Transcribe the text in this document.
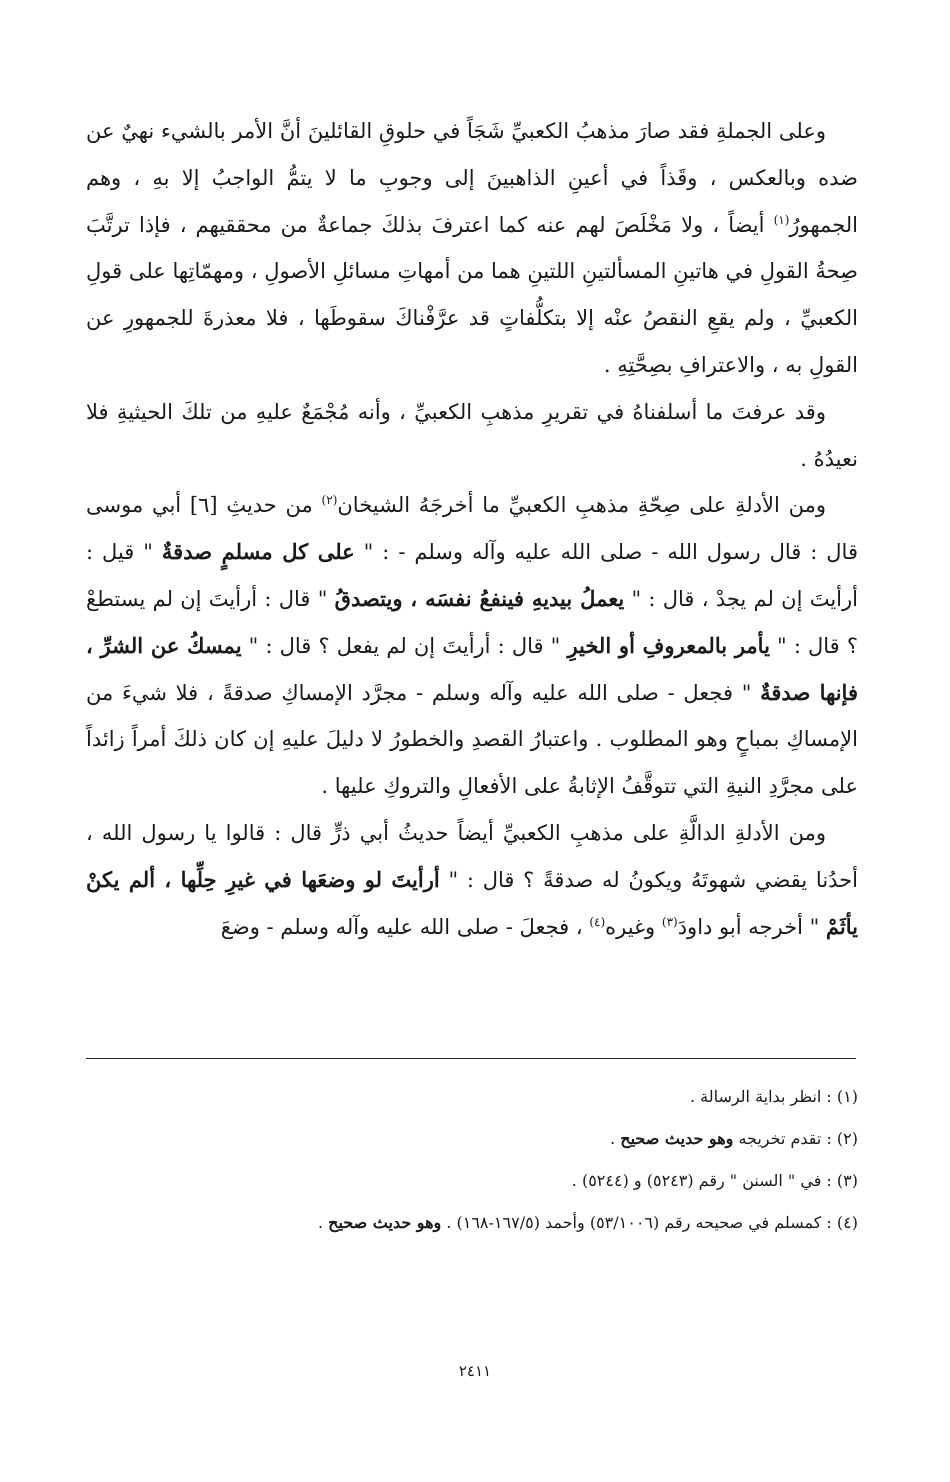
وعلى الجملةِ فقد صارَ مذهبُ الكعبيِّ شَجَاً في حلوقِ القائلينَ أنَّ الأمر بالشيء نهيٌ عن ضده وبالعكس ، وقَذاً في أعينِ الذاهبينَ إلى وجوبِ ما لا يتمُّ الواجبُ إلا بهِ ، وهم الجمهورُ$^{(١)}$ أيضاً ، ولا مَخْلَصَ لهم عنه كما اعترفَ بذلكَ جماعةٌ من محققيهم ، فإذا ترتَّبَ صِحةُ القولِ في هاتينِ المسألتينِ اللتينِ هما من أمهاتِ مسائلِ الأصولِ ، ومهمّاتِها على قولِ الكعبيِّ ، ولم يقعِ النقصُ عنْه إلا بتكلُّفاتٍ قد عرَّفْناكَ سقوطَها ، فلا معذرةَ للجمهورِ عن القولِ به ، والاعترافِ بصِحَّتِهِ .

وقد عرفتَ ما أسلفناهُ في تقريرِ مذهبِ الكعبيِّ ، وأنه مُجْمَعٌ عليهِ من تلكَ الحيثيةِ فلا نعيدُهُ .

ومن الأدلةِ على صِحّةِ مذهبِ الكعبيِّ ما أخرجَهُ الشيخان$^{(٢)}$ من حديثِ [٦] أبي موسى قال : قال رسول الله - صلى الله عليه وآله وسلم - : " على كل مسلمٍ صدقةٌ " قيل : أرأيتَ إن لم يجدْ ، قال : " يعملُ بيديهِ فينفعُ نفسَه ، ويتصدقُ " قال : أرأيتَ إن لم يستطعْ ؟ قال : " يأمر بالمعروفِ أو الخيرِ " قال : أرأيتَ إن لم يفعل ؟ قال : " يمسكُ عن الشرِّ ، فإنها صدقةٌ " فجعل - صلى الله عليه وآله وسلم - مجرَّد الإمساكِ صدقةً ، فلا شيءَ من الإمساكِ بمباحٍ وهو المطلوب . واعتبارُ القصدِ والخطورُ لا دليلَ عليهِ إن كان ذلكَ أمراً زائداً على مجرَّدِ النيةِ التي تتوقَّفُ الإثابةُ على الأفعالِ والتروكِ عليها .

ومن الأدلةِ الدالَّةِ على مذهبِ الكعبيِّ أيضاً حديثُ أبي ذرٍّ قال : قالوا يا رسول الله ، أحدُنا يقضي شهوتَهُ ويكونُ له صدقةً ؟ قال : " أرأيتَ لو وضعَها في غيرِ حِلِّها ، ألم يكنْ يأثَمْ " أخرجه أبو داودَ$^{(٣)}$ وغيره$^{(٤)}$ ، فجعلَ - صلى الله عليه وآله وسلم - وضعَ

(١) : انظر بداية الرسالة .
(٢) : تقدم تخريجه وهو حديث صحيح .
(٣) : في " السنن " رقم (٥٢٤٣) و (٥٢٤٤) .
(٤) : كمسلم في صحيحه رقم (٥٣/١٠٠٦) وأحمد (١٦٧/٥-١٦٨) . وهو حديث صحيح .
٢٤١١
